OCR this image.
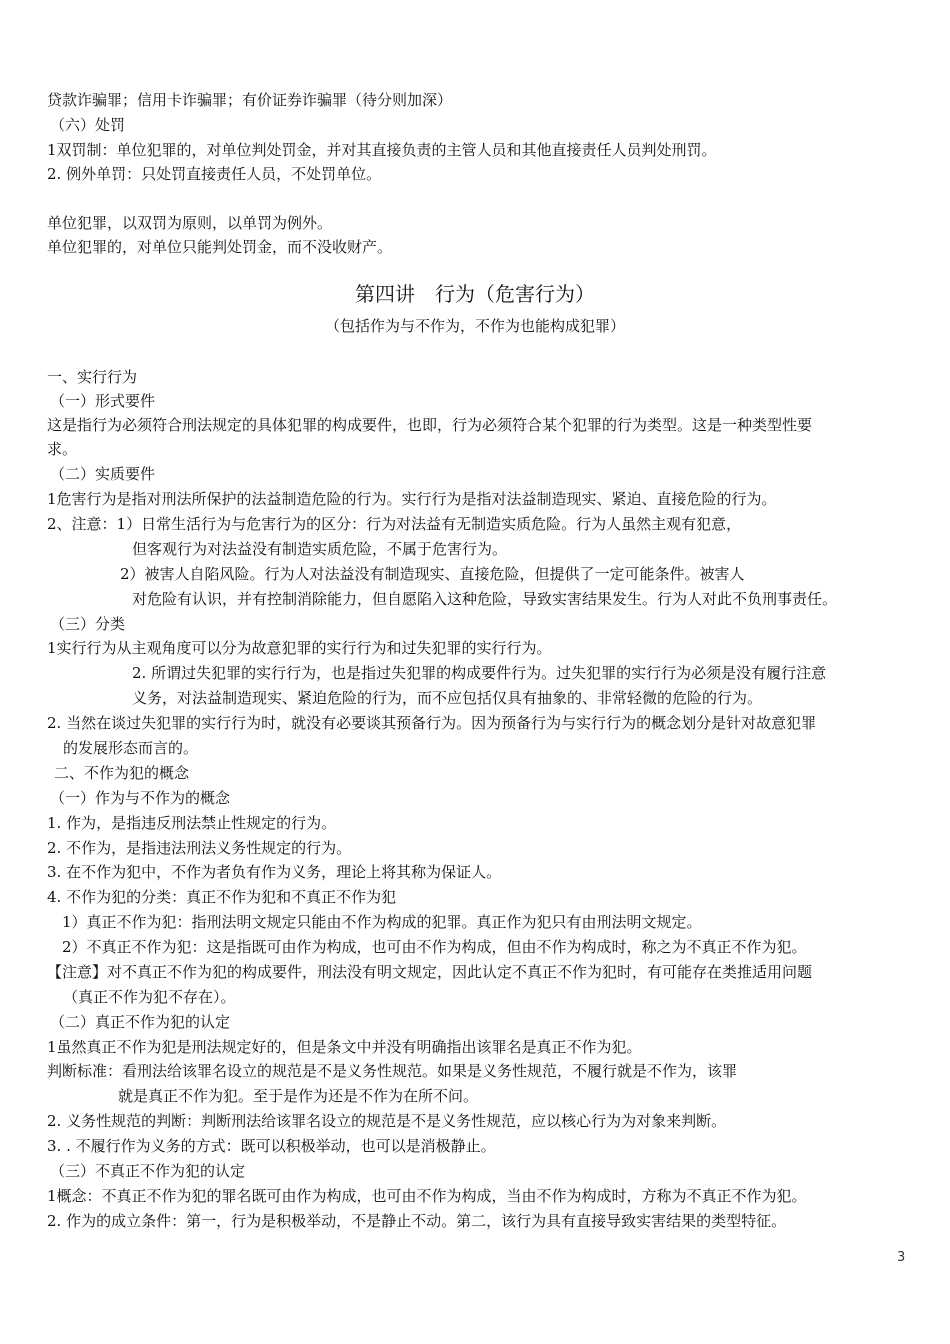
贷款诈骗罪；信用卡诈骗罪；有价证券诈骗罪（待分则加深）
（六）处罚
1双罚制：单位犯罪的，对单位判处罚金，并对其直接负责的主管人员和其他直接责任人员判处刑罚。
2. 例外单罚：只处罚直接责任人员，不处罚单位。
单位犯罪，以双罚为原则，以单罚为例外。
单位犯罪的，对单位只能判处罚金，而不没收财产。
第四讲　行为（危害行为）
（包括作为与不作为，不作为也能构成犯罪）
一、实行行为
（一）形式要件
这是指行为必须符合刑法规定的具体犯罪的构成要件，也即，行为必须符合某个犯罪的行为类型。这是一种类型性要
求。
（二）实质要件
1危害行为是指对刑法所保护的法益制造危险的行为。实行行为是指对法益制造现实、紧迫、直接危险的行为。
2、注意：1）日常生活行为与危害行为的区分：行为对法益有无制造实质危险。行为人虽然主观有犯意，
但客观行为对法益没有制造实质危险，不属于危害行为。
2）被害人自陷风险。行为人对法益没有制造现实、直接危险，但提供了一定可能条件。被害人
对危险有认识，并有控制消除能力，但自愿陷入这种危险，导致实害结果发生。行为人对此不负刑事责任。
（三）分类
1实行行为从主观角度可以分为故意犯罪的实行行为和过失犯罪的实行行为。
2. 所谓过失犯罪的实行行为，也是指过失犯罪的构成要件行为。过失犯罪的实行行为必须是没有履行注意
义务，对法益制造现实、紧迫危险的行为，而不应包括仅具有抽象的、非常轻微的危险的行为。
2. 当然在谈过失犯罪的实行行为时，就没有必要谈其预备行为。因为预备行为与实行行为的概念划分是针对故意犯罪
的发展形态而言的。
二、不作为犯的概念
（一）作为与不作为的概念
1. 作为，是指违反刑法禁止性规定的行为。
2. 不作为，是指违法刑法义务性规定的行为。
3. 在不作为犯中，不作为者负有作为义务，理论上将其称为保证人。
4. 不作为犯的分类：真正不作为犯和不真正不作为犯
1）真正不作为犯：指刑法明文规定只能由不作为构成的犯罪。真正作为犯只有由刑法明文规定。
2）不真正不作为犯：这是指既可由作为构成，也可由不作为构成，但由不作为构成时，称之为不真正不作为犯。
【注意】对不真正不作为犯的构成要件，刑法没有明文规定，因此认定不真正不作为犯时，有可能存在类推适用问题
（真正不作为犯不存在）。
（二）真正不作为犯的认定
1虽然真正不作为犯是刑法规定好的，但是条文中并没有明确指出该罪名是真正不作为犯。
判断标准：看刑法给该罪名设立的规范是不是义务性规范。如果是义务性规范，不履行就是不作为，该罪
就是真正不作为犯。至于是作为还是不作为在所不问。
2. 义务性规范的判断：判断刑法给该罪名设立的规范是不是义务性规范，应以核心行为为对象来判断。
3. . 不履行作为义务的方式：既可以积极举动，也可以是消极静止。
（三）不真正不作为犯的认定
1概念：不真正不作为犯的罪名既可由作为构成，也可由不作为构成，当由不作为构成时，方称为不真正不作为犯。
2. 作为的成立条件：第一，行为是积极举动，不是静止不动。第二，该行为具有直接导致实害结果的类型特征。
3
